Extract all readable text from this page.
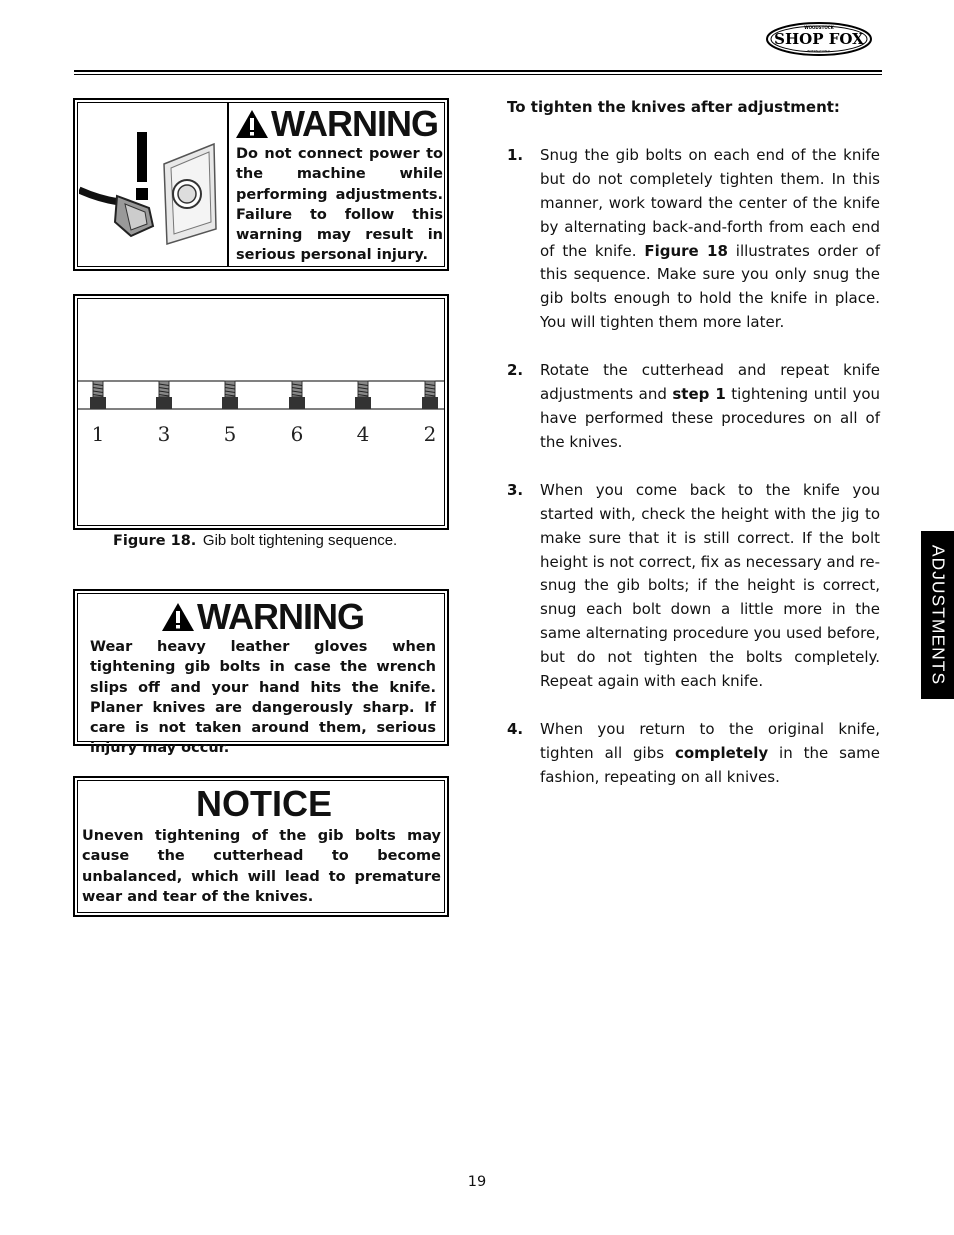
WOODSTOCK
SHOP FOX
INTERNATIONAL
WARNING
Do not connect power to the machine while performing adjustments. Failure to follow this warning may result in serious personal injury.
1	3	5	6	4	2
Figure 18. Gib bolt tightening sequence.
WARNING
Wear heavy leather gloves when tightening gib bolts in case the wrench slips off and your hand hits the knife. Planer knives are dangerously sharp. If care is not taken around them, serious injury may occur.
NOTICE
Uneven tightening of the gib bolts may cause the cutterhead to become unbalanced, which will lead to premature wear and tear of the knives.
To tighten the knives after adjustment:
1.	Snug the gib bolts on each end of the knife but do not completely tighten them. In this manner, work toward the center of the knife by alternating back-and-forth from each end of the knife. Figure 18 illustrates order of this sequence. Make sure you only snug the gib bolts enough to hold the knife in place. You will tighten them more later.
2.	Rotate the cutterhead and repeat knife adjustments and step 1 tightening until you have performed these procedures on all of the knives.
3.	When you come back to the knife you started with, check the height with the jig to make sure that it is still correct. If the bolt height is not correct, fix as necessary and re-snug the gib bolts; if the height is correct, snug each bolt down a little more in the same alternating procedure you used before, but do not tighten the bolts completely. Repeat again with each knife.
4.	When you return to the original knife, tighten all gibs completely in the same fashion, repeating on all knives.
ADJUSTMENTS
19
